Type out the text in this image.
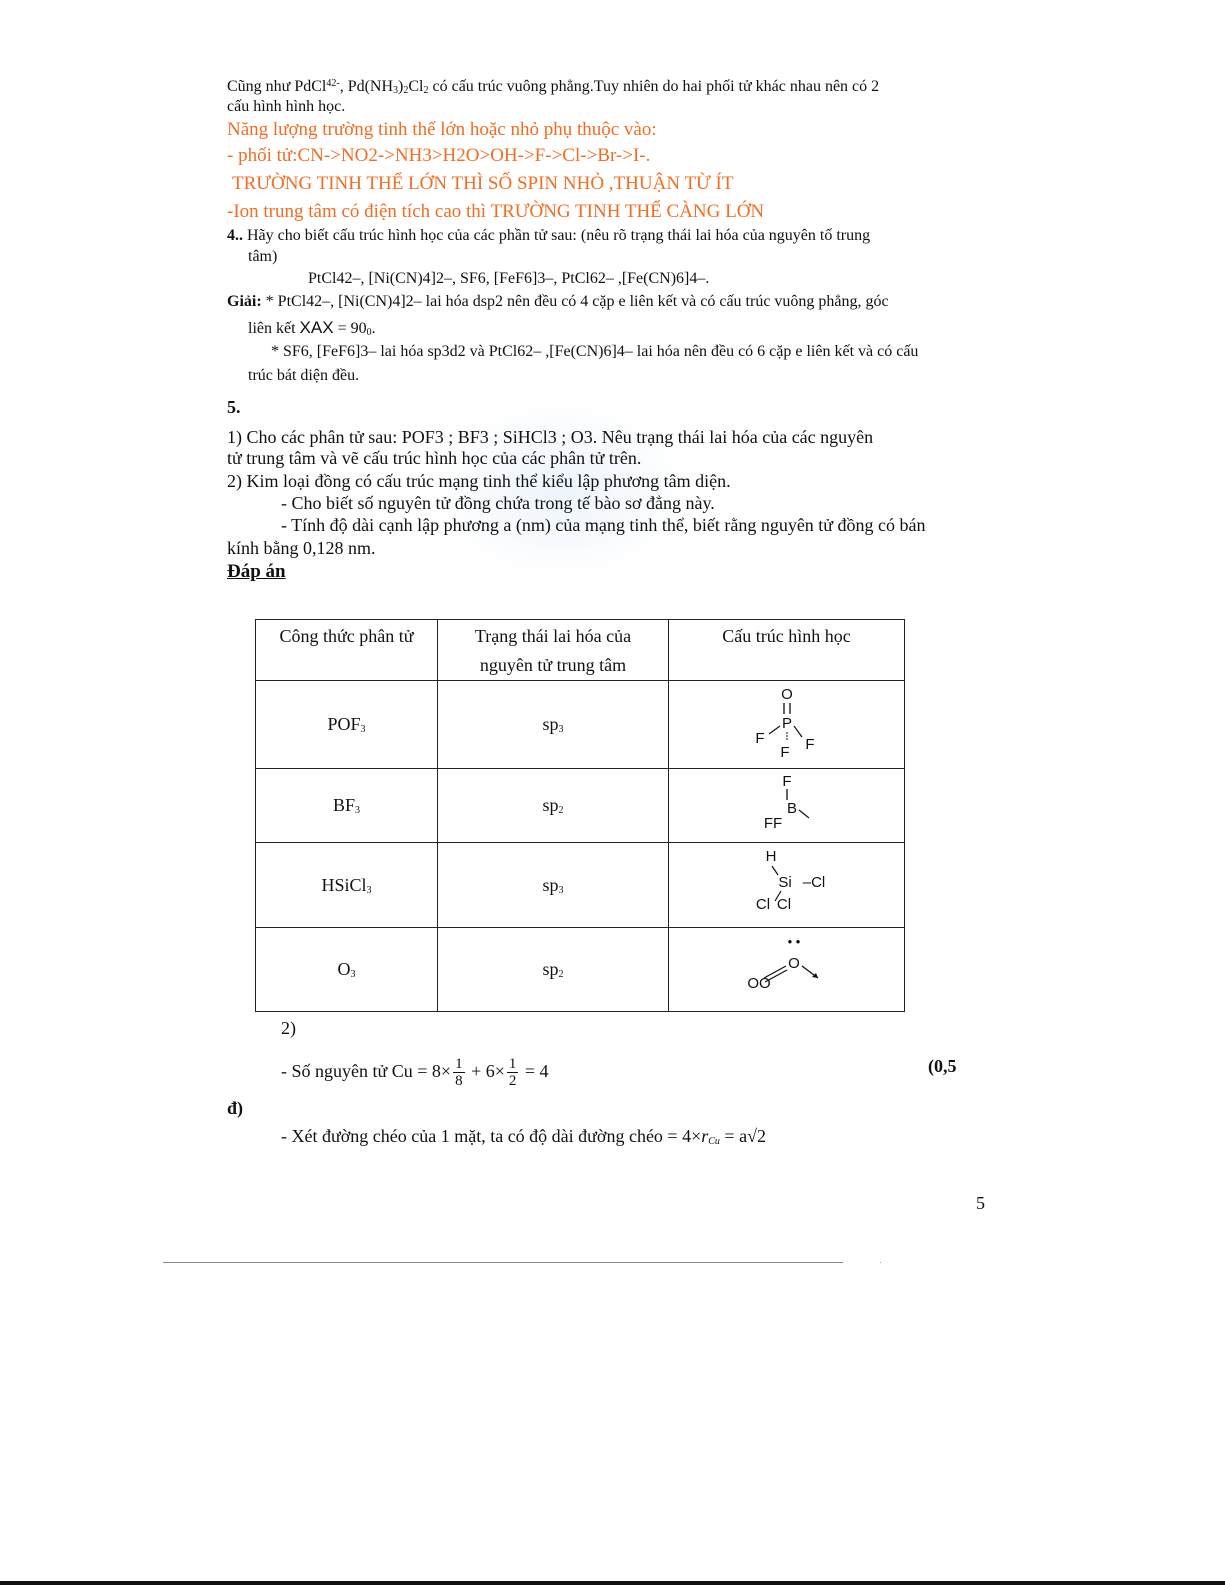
Cũng như PdCl$^{42-}$, $Pd(NH_3)_2Cl_2$ có cấu trúc vuông phẳng.Tuy nhiên do hai phối tử khác nhau nên có 2
cấu hình hình học.
Năng lượng trường tinh thể lớn hoặc nhỏ phụ thuộc vào:
- phối tử:CN->NO2->NH3>H2O>OH->F->Cl->Br->I-.
TRƯỜNG TINH THỂ LỚN THÌ SỐ SPIN NHỎ ,THUẬN TỪ ÍT
-Ion trung tâm có điện tích cao thì TRƯỜNG TINH THỂ CÀNG LỚN
4.. Hãy cho biết cấu trúc hình học của các phần tử sau: (nêu rõ trạng thái lai hóa của nguyên tố trung
tâm)
PtCl42–, [Ni(CN)4]2–, SF6, [FeF6]3–, PtCl62– ,[Fe(CN)6]4–.
Giải: * PtCl42–, [Ni(CN)4]2– lai hóa dsp2 nên đều có 4 cặp e liên kết và có cấu trúc vuông phẳng, góc
liên kết XAX = $90_0$.
* SF6, [FeF6]3– lai hóa sp3d2 và PtCl62– ,[Fe(CN)6]4– lai hóa nên đều có 6 cặp e liên kết và có cấu
trúc bát diện đều.
5.
1) Cho các phân tử sau: POF3 ; BF3 ; SiHCl3 ; O3. Nêu trạng thái lai hóa của các nguyên
tử trung tâm và vẽ cấu trúc hình học của các phân tử trên.
2) Kim loại đồng có cấu trúc mạng tinh thể kiểu lập phương tâm diện.
- Cho biết số nguyên tử đồng chứa trong tế bào sơ đẳng này.
- Tính độ dài cạnh lập phương a (nm) của mạng tinh thể, biết rằng nguyên tử đồng có bán
kính bằng 0,128 nm.
Đáp án
Công thức phân tử	Trạng thái lai hóa của
nguyên tử trung tâm	Cấu trúc hình học
$POF_3$	$sp_3$	O
P
F F
F

$BF_3$	$sp_2$	F
B
FF

HSiCl$_3$	$sp_3$	H
Si –Cl
Cl Cl

$O_3$	$sp_2$	• •
O
OO
2)
- Số nguyên tử $Cu = 8\times \frac{1}{8} + 6\times \frac{1}{2} = 4$	(0,5
đ)
- Xét đường chéo của 1 mặt, ta có độ dài đường chéo = $4\times r_{Cu} = a√2$
5
